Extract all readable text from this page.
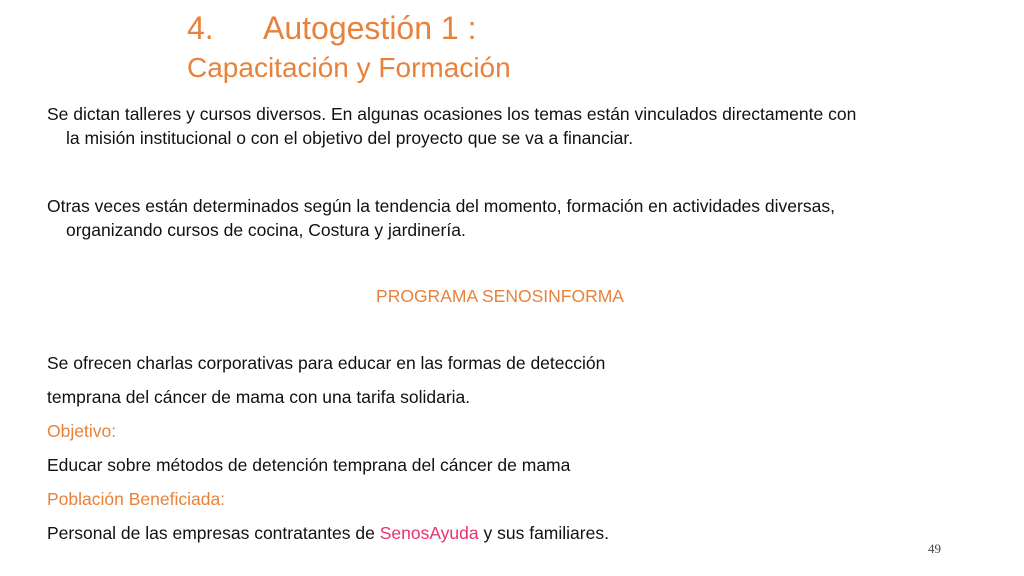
4. Autogestión 1 :
Capacitación y Formación
Se dictan talleres y cursos diversos. En algunas ocasiones los temas están vinculados directamente con
la misión institucional o con el objetivo del proyecto que se va a financiar.
Otras veces están determinados según la tendencia del momento, formación en actividades diversas,
organizando cursos de cocina, Costura y jardinería.
PROGRAMA SENOSINFORMA
Se ofrecen charlas corporativas para educar en las formas de detección
temprana del cáncer de mama con una tarifa solidaria.
Objetivo:
Educar sobre métodos de detención temprana del cáncer de mama
Población Beneficiada:
Personal de las empresas contratantes de SenosAyuda y sus familiares.
49
